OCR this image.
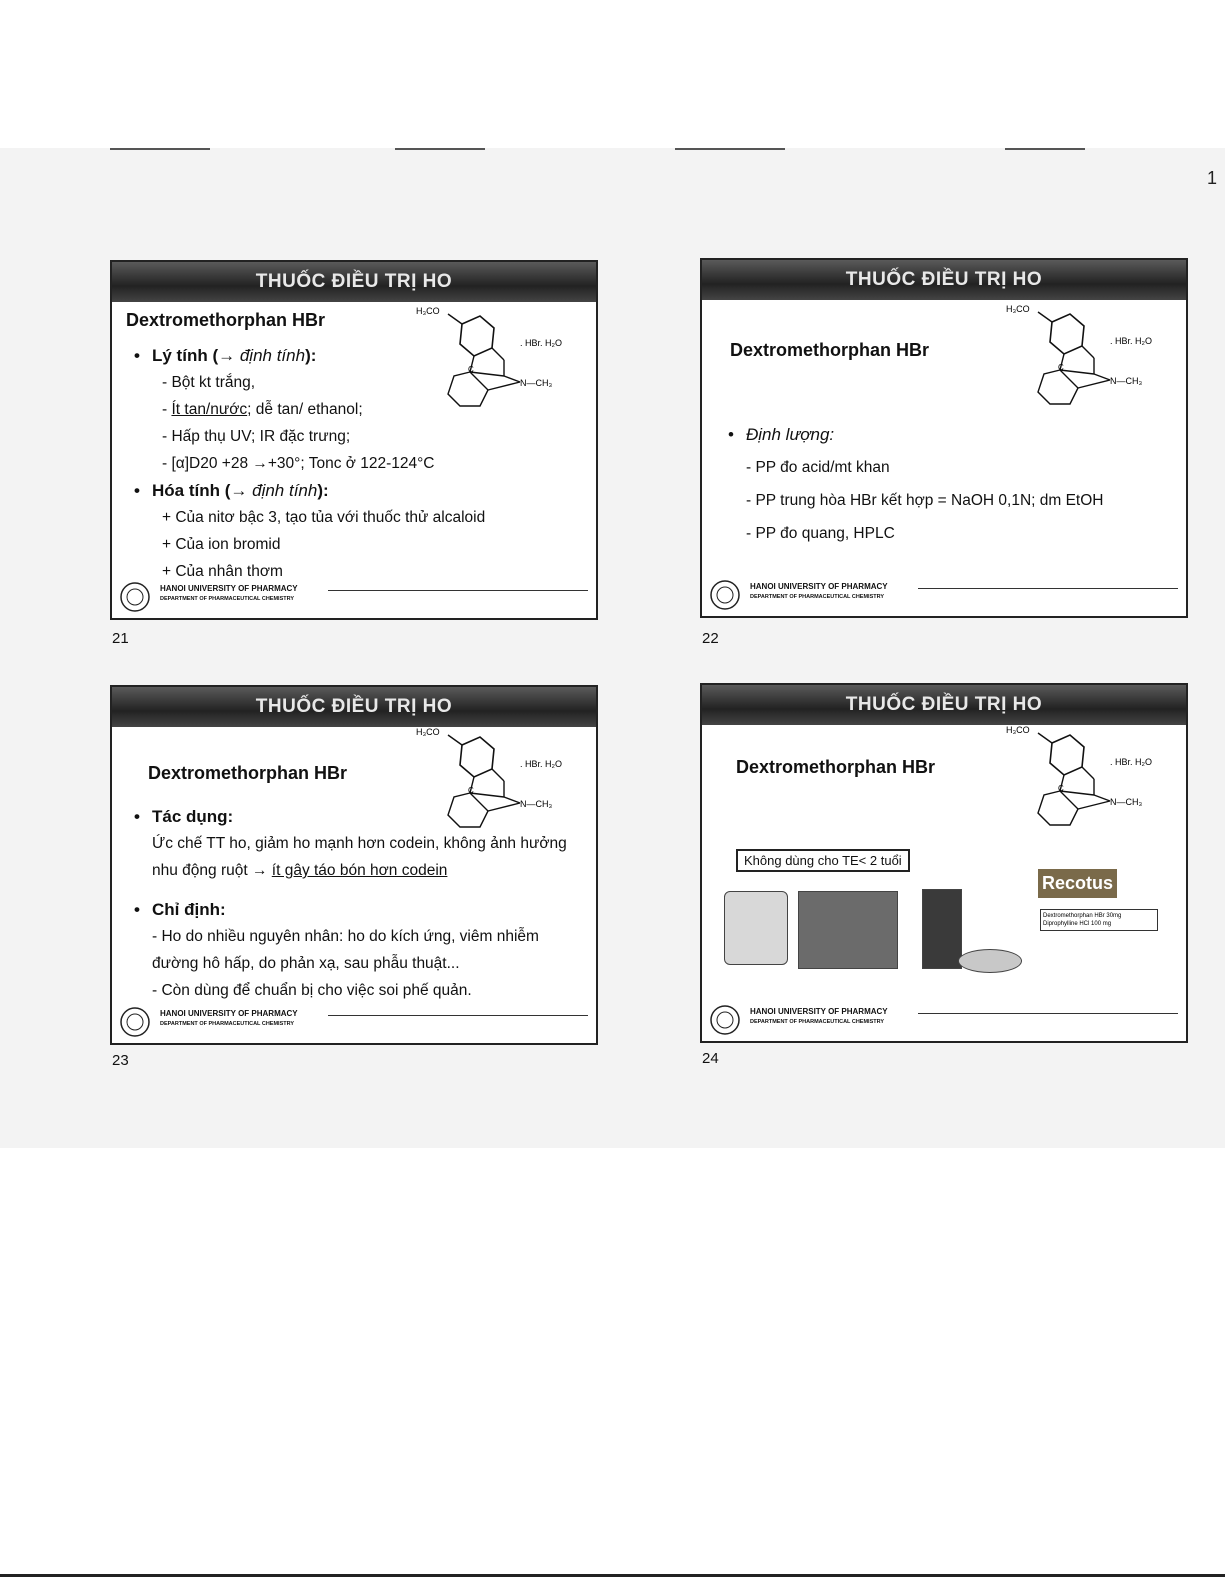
1
THUỐC ĐIỀU TRỊ HO
Dextromethorphan HBr	H₃CO
. HBr. H₂O
N—CH₃
C
• Lý tính (→ định tính):
- Bột kt trắng,
- Ít tan/nước; dễ tan/ ethanol;
- Hấp thụ UV; IR đặc trưng;
- [α]D20 +28 →+30°; Tonc ở 122-124°C
• Hóa tính (→ định tính):
+ Của nitơ bậc 3, tạo tủa với thuốc thử alcaloid
+ Của ion bromid
+ Của nhân thơm
HANOI UNIVERSITY OF PHARMACY
DEPARTMENT OF PHARMACEUTICAL CHEMISTRY
21
THUỐC ĐIỀU TRỊ HO
Dextromethorphan HBr
H₃CO
. HBr. H₂O
N—CH₃
C
• Định lượng:
- PP đo acid/mt khan
- PP trung hòa HBr kết hợp = NaOH 0,1N; dm EtOH
- PP đo quang, HPLC
HANOI UNIVERSITY OF PHARMACY
DEPARTMENT OF PHARMACEUTICAL CHEMISTRY
22
THUỐC ĐIỀU TRỊ HO
Dextromethorphan HBr
H₃CO
. HBr. H₂O
N—CH₃
C
• Tác dụng:
Ức chế TT ho, giảm ho mạnh hơn codein, không ảnh hưởng nhu động ruột → ít gây táo bón hơn codein
• Chỉ định:
- Ho do nhiều nguyên nhân: ho do kích ứng, viêm nhiễm đường hô hấp, do phản xạ, sau phẫu thuật...
- Còn dùng để chuẩn bị cho việc soi phế quản.
HANOI UNIVERSITY OF PHARMACY
DEPARTMENT OF PHARMACEUTICAL CHEMISTRY
23
THUỐC ĐIỀU TRỊ HO
Dextromethorphan HBr
H₃CO
. HBr. H₂O
N—CH₃
C
Không dùng cho TE< 2 tuổi
Recotus
Dextromethorphan HBr 30mg
Diprophylline HCl 100 mg
HANOI UNIVERSITY OF PHARMACY
DEPARTMENT OF PHARMACEUTICAL CHEMISTRY
24
